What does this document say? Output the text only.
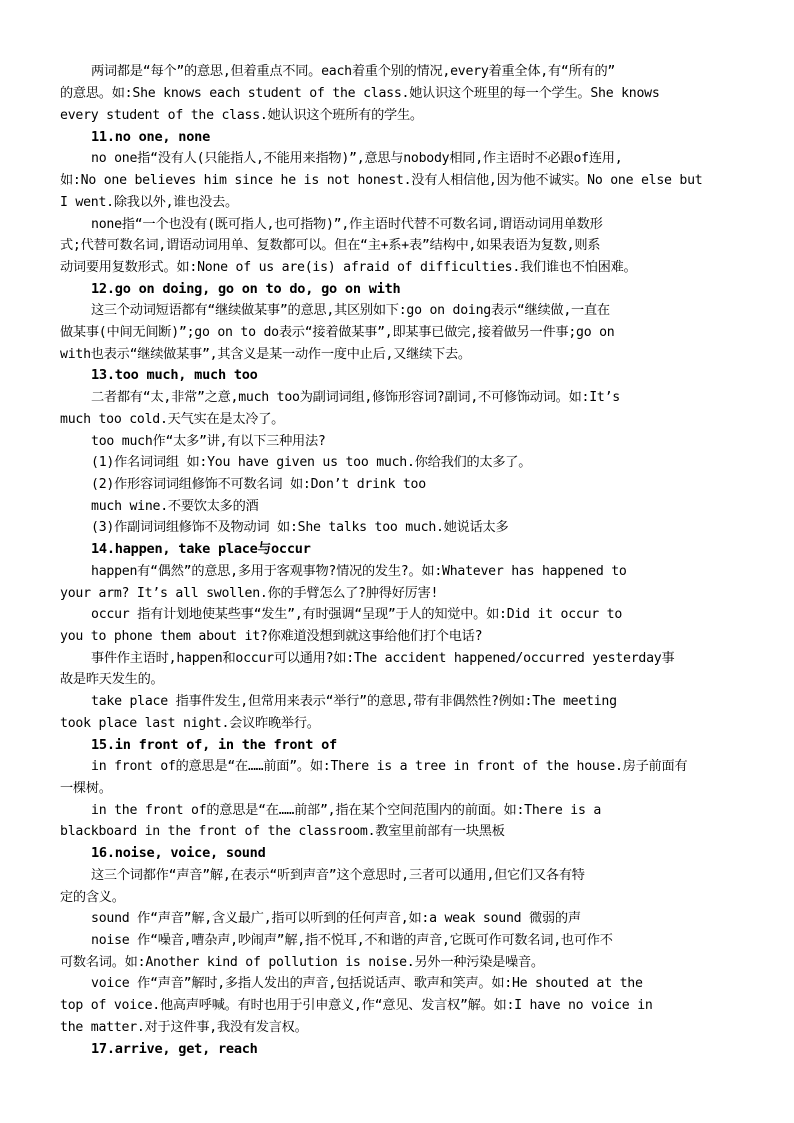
两词都是“每个”的意思,但着重点不同。each着重个别的情况,every着重全体,有“所有的”
的意思。如:She knows each student of the class.她认识这个班里的每一个学生。She knows
every student of the class.她认识这个班所有的学生。
11.no one, none
no one指“没有人(只能指人,不能用来指物)”,意思与nobody相同,作主语时不必跟of连用,
如:No one believes him since he is not honest.没有人相信他,因为他不诚实。No one else but
I went.除我以外,谁也没去。
none指“一个也没有(既可指人,也可指物)”,作主语时代替不可数名词,谓语动词用单数形
式;代替可数名词,谓语动词用单、复数都可以。但在“主+系+表”结构中,如果表语为复数,则系
动词要用复数形式。如:None of us are(is) afraid of difficulties.我们谁也不怕困难。
12.go on doing, go on to do, go on with
这三个动词短语都有“继续做某事”的意思,其区别如下:go on doing表示“继续做,一直在
做某事(中间无间断)”;go on to do表示“接着做某事”,即某事已做完,接着做另一件事;go on
with也表示“继续做某事”,其含义是某一动作一度中止后,又继续下去。
13.too much, much too
二者都有“太,非常”之意,much too为副词词组,修饰形容词?副词,不可修饰动词。如:It’s
much too cold.天气实在是太冷了。
too much作“太多”讲,有以下三种用法?
(1)作名词词组 如:You have given us too much.你给我们的太多了。
(2)作形容词词组修饰不可数名词 如:Don’t drink too
much wine.不要饮太多的酒
(3)作副词词组修饰不及物动词 如:She talks too much.她说话太多
14.happen, take place与occur
happen有“偶然”的意思,多用于客观事物?情况的发生?。如:Whatever has happened to
your arm? It’s all swollen.你的手臂怎么了?肿得好厉害!
occur 指有计划地使某些事“发生”,有时强调“呈现”于人的知觉中。如:Did it occur to
you to phone them about it?你难道没想到就这事给他们打个电话?
事件作主语时,happen和occur可以通用?如:The accident happened/occurred yesterday事
故是昨天发生的。
take place 指事件发生,但常用来表示“举行”的意思,带有非偶然性?例如:The meeting
took place last night.会议昨晚举行。
15.in front of, in the front of
in front of的意思是“在……前面”。如:There is a tree in front of the house.房子前面有
一棵树。
in the front of的意思是“在……前部”,指在某个空间范围内的前面。如:There is a
blackboard in the front of the classroom.教室里前部有一块黑板
16.noise, voice, sound
这三个词都作“声音”解,在表示“听到声音”这个意思时,三者可以通用,但它们又各有特
定的含义。
sound 作“声音”解,含义最广,指可以听到的任何声音,如:a weak sound 微弱的声
noise 作“噪音,嘈杂声,吵闹声”解,指不悦耳,不和谐的声音,它既可作可数名词,也可作不
可数名词。如:Another kind of pollution is noise.另外一种污染是噪音。
voice 作“声音”解时,多指人发出的声音,包括说话声、歌声和笑声。如:He shouted at the
top of voice.他高声呼喊。有时也用于引申意义,作“意见、发言权”解。如:I have no voice in
the matter.对于这件事,我没有发言权。
17.arrive, get, reach
